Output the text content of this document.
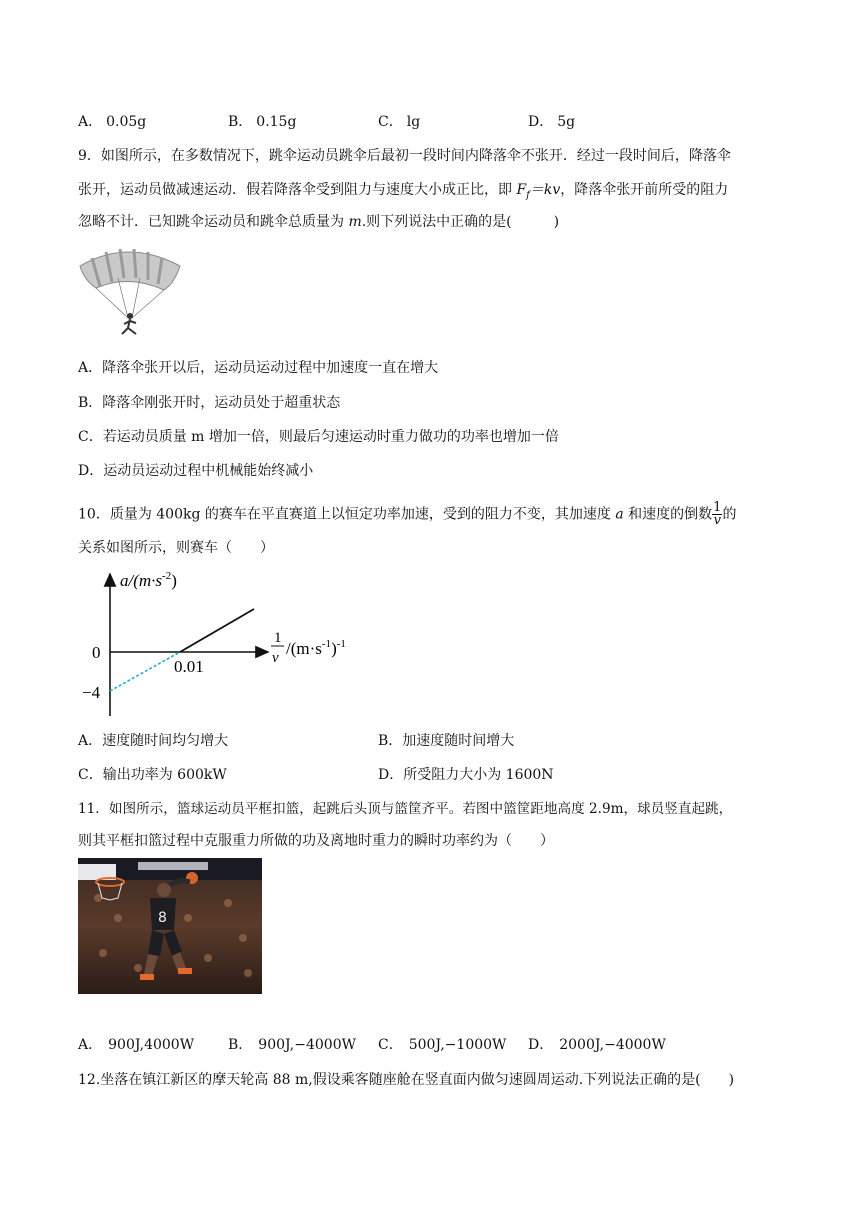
A． 0.05g	B． 0.15g	C． lg	D． 5g
9．如图所示，在多数情况下，跳伞运动员跳伞后最初一段时间内降落伞不张开．经过一段时间后，降落伞
张开，运动员做减速运动．假若降落伞受到阻力与速度大小成正比，即 $F_f=kv$，降落伞张开前所受的阻力
忽略不计．已知跳伞运动员和跳伞总质量为 m.则下列说法中正确的是(　　　)
A．降落伞张开以后，运动员运动过程中加速度一直在增大
B．降落伞刚张开时，运动员处于超重状态
C．若运动员质量 m 增加一倍，则最后匀速运动时重力做功的功率也增加一倍
D．运动员运动过程中机械能始终减小
10．质量为 400kg 的赛车在平直赛道上以恒定功率加速，受到的阻力不变，其加速度 a 和速度的倒数 $\frac{1}{v}$ 的
关系如图所示，则赛车（　　）
$a/(m\cdot s^{-2})$
0
0.01
−4
1
v $/(m\cdot s^{-1})^{-1}$
A．速度随时间均匀增大	B．加速度随时间增大
C．输出功率为 600kW	D．所受阻力大小为 1600N
11．如图所示，篮球运动员平框扣篮，起跳后头顶与篮筐齐平。若图中篮筐距地高度 2.9m，球员竖直起跳，
则其平框扣篮过程中克服重力所做的功及离地时重力的瞬时功率约为（　　）
8
A． 900J,4000W B． 900J,−4000W C． 500J,−1000W D． 2000J,−4000W
12.坐落在镇江新区的摩天轮高 88 m,假设乘客随座舱在竖直面内做匀速圆周运动.下列说法正确的是(　　)
